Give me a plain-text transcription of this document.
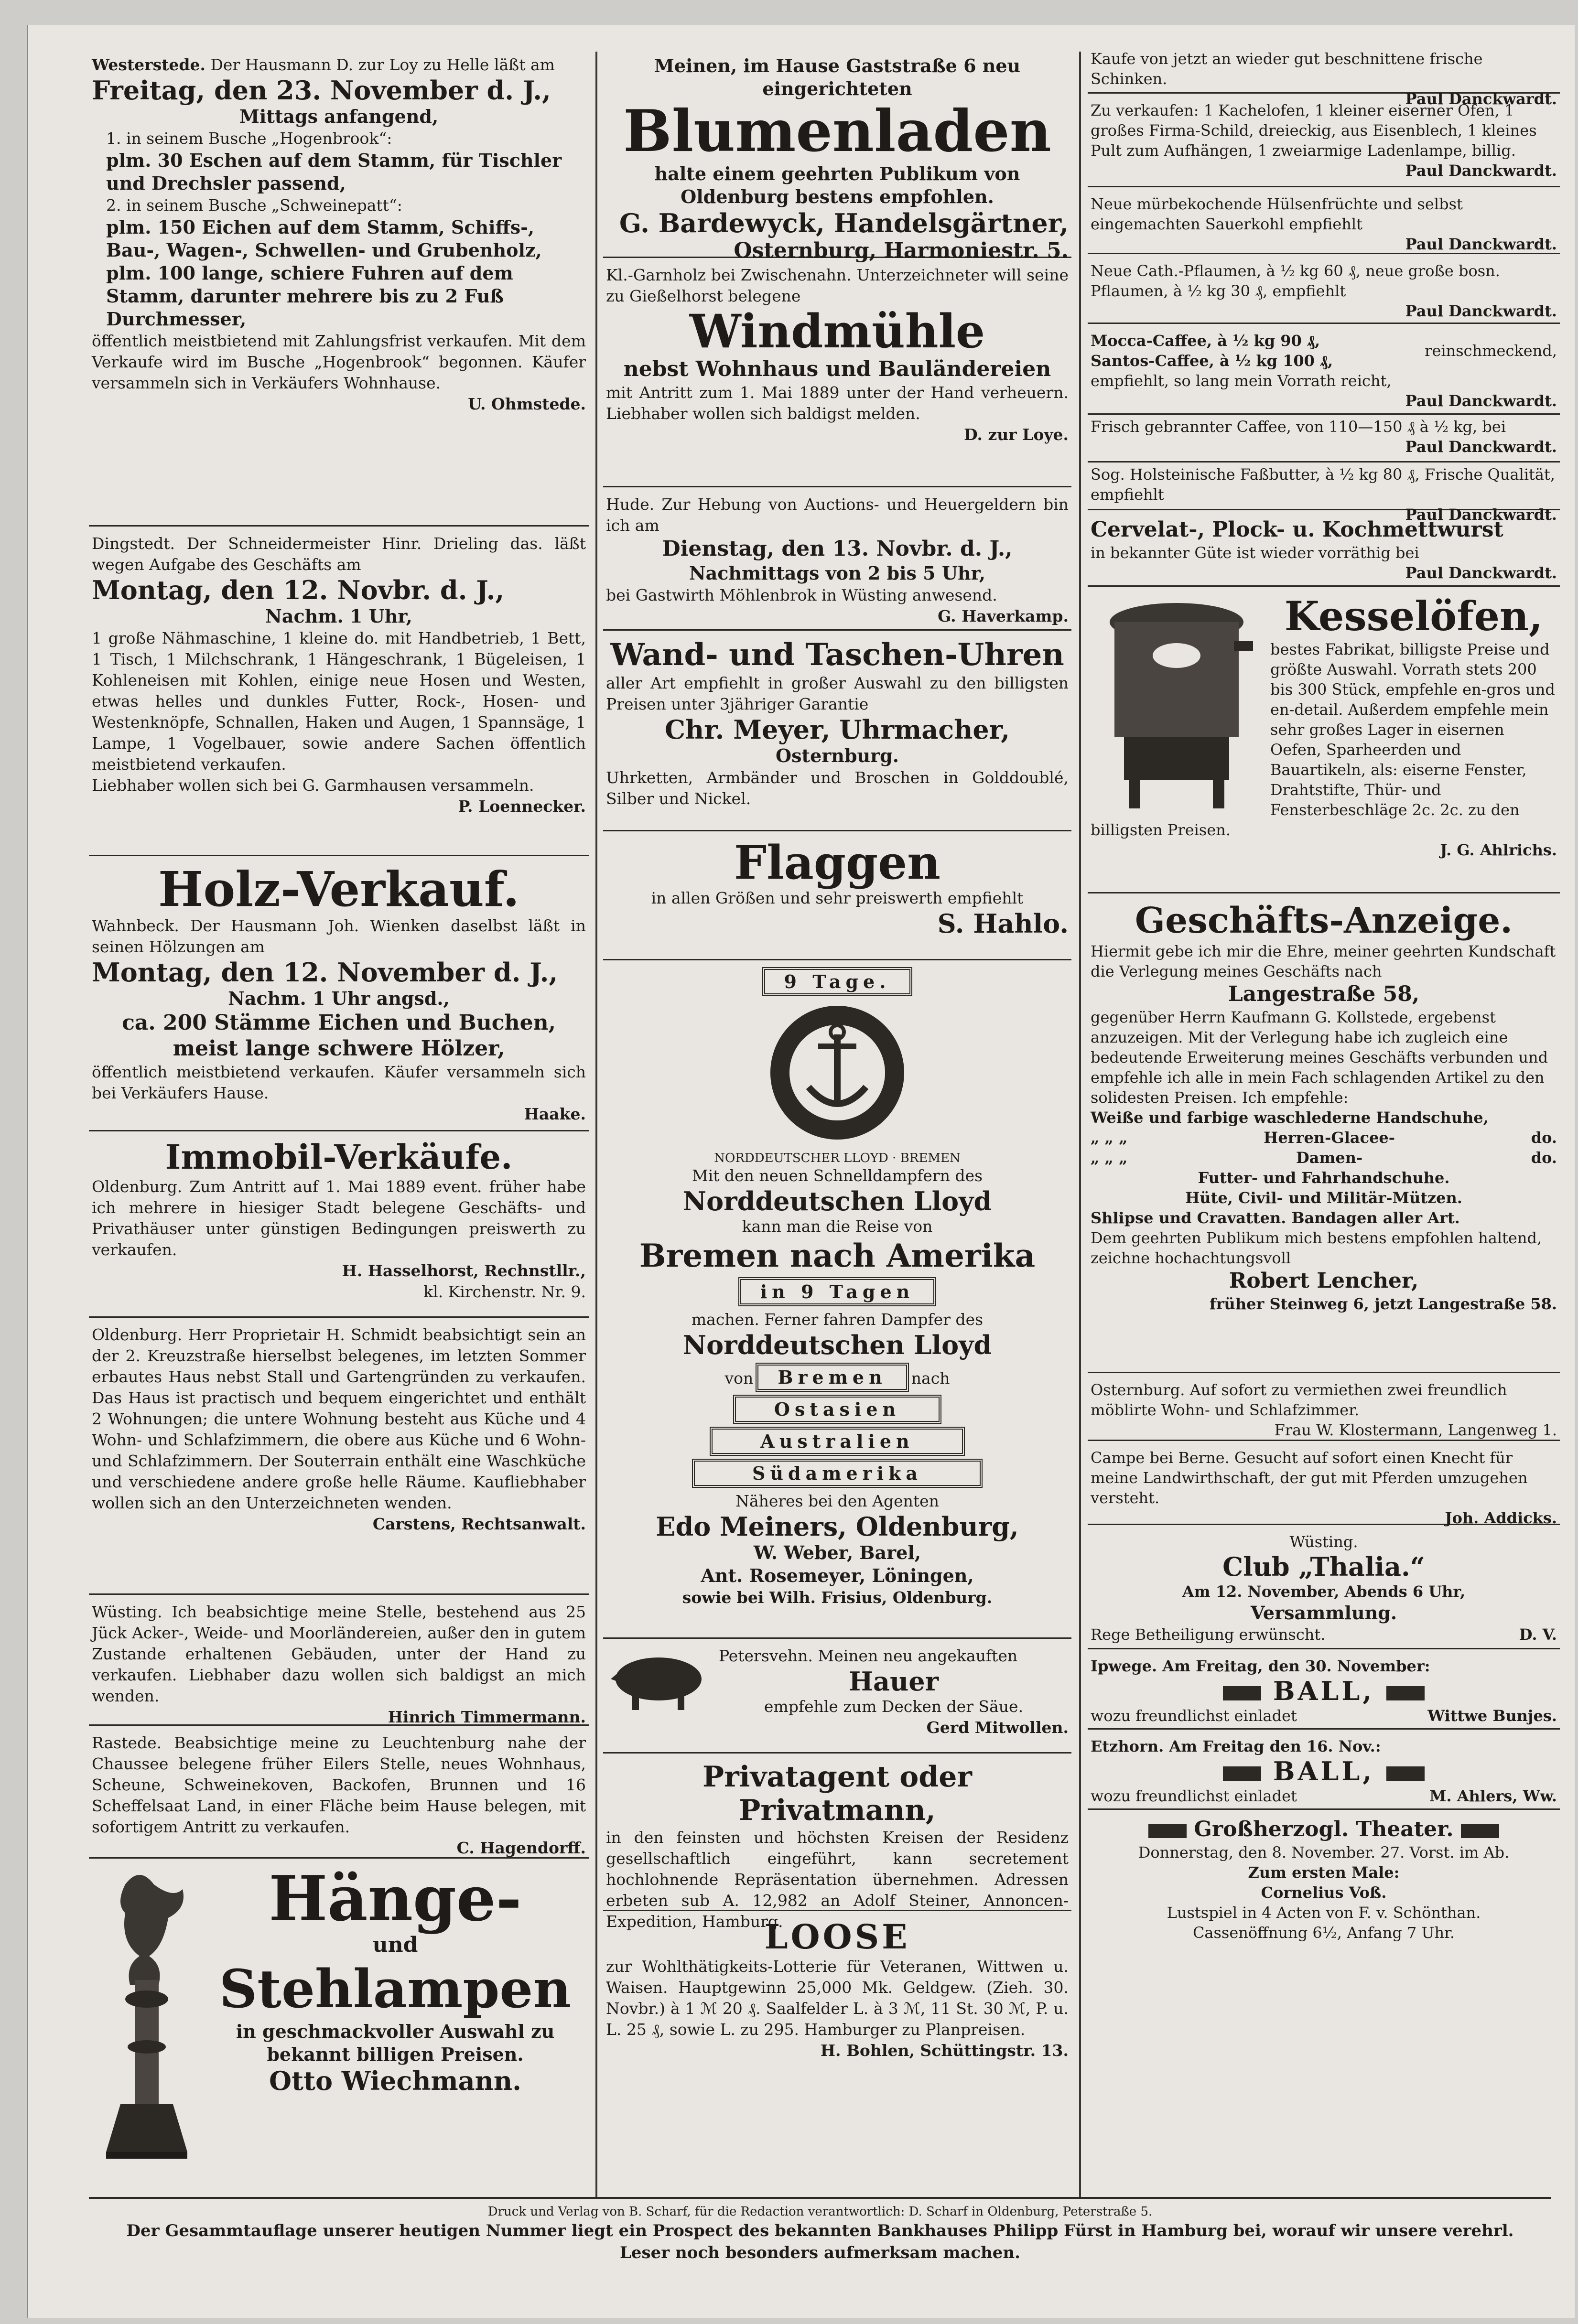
Westerstede. Der Hausmann D. zur Loy zu Helle läßt am

Freitag, den 23. November d. J.,

Mittags anfangend,

1. in seinem Busche „Hogenbrook“:

plm. 30 Eschen auf dem Stamm, für Tischler und Drechsler passend,

2. in seinem Busche „Schweinepatt“:

plm. 150 Eichen auf dem Stamm, Schiffs-, Bau-, Wagen-, Schwellen- und Grubenholz,

plm. 100 lange, schiere Fuhren auf dem Stamm, darunter mehrere bis zu 2 Fuß Durchmesser,

öffentlich meistbietend mit Zahlungsfrist verkaufen. Mit dem Verkaufe wird im Busche „Hogenbrook“ begonnen. Käufer versammeln sich in Verkäufers Wohnhause.

U. Ohmstede.

Dingstedt. Der Schneidermeister Hinr. Drieling das. läßt wegen Aufgabe des Geschäfts am

Montag, den 12. Novbr. d. J.,

Nachm. 1 Uhr,

1 große Nähmaschine, 1 kleine do. mit Handbetrieb, 1 Bett, 1 Tisch, 1 Milchschrank, 1 Hängeschrank, 1 Bügeleisen, 1 Kohleneisen mit Kohlen, einige neue Hosen und Westen, etwas helles und dunkles Futter, Rock-, Hosen- und Westenknöpfe, Schnallen, Haken und Augen, 1 Spannsäge, 1 Lampe, 1 Vogelbauer, sowie andere Sachen öffentlich meistbietend verkaufen.

Liebhaber wollen sich bei G. Garmhausen versammeln.

P. Loennecker.

Holz-Verkauf.

Wahnbeck. Der Hausmann Joh. Wienken daselbst läßt in seinen Hölzungen am

Montag, den 12. November d. J.,

Nachm. 1 Uhr angsd.,

ca. 200 Stämme Eichen und Buchen, meist lange schwere Hölzer,

öffentlich meistbietend verkaufen. Käufer versammeln sich bei Verkäufers Hause.

Haake.

Immobil-Verkäufe.

Oldenburg. Zum Antritt auf 1. Mai 1889 event. früher habe ich mehrere in hiesiger Stadt belegene Geschäfts- und Privathäuser unter günstigen Bedingungen preiswerth zu verkaufen.

H. Hasselhorst, Rechnstllr.,

kl. Kirchenstr. Nr. 9.

Oldenburg. Herr Proprietair H. Schmidt beabsichtigt sein an der 2. Kreuzstraße hierselbst belegenes, im letzten Sommer erbautes Haus nebst Stall und Gartengründen zu verkaufen. Das Haus ist practisch und bequem eingerichtet und enthält 2 Wohnungen; die untere Wohnung besteht aus Küche und 4 Wohn- und Schlafzimmern, die obere aus Küche und 6 Wohn- und Schlafzimmern. Der Souterrain enthält eine Waschküche und verschiedene andere große helle Räume. Kaufliebhaber wollen sich an den Unterzeichneten wenden.

Carstens, Rechtsanwalt.

Wüsting. Ich beabsichtige meine Stelle, bestehend aus 25 Jück Acker-, Weide- und Moorländereien, außer den in gutem Zustande erhaltenen Gebäuden, unter der Hand zu verkaufen. Liebhaber dazu wollen sich baldigst an mich wenden.

Hinrich Timmermann.

Rastede. Beabsichtige meine zu Leuchtenburg nahe der Chaussee belegene früher Eilers Stelle, neues Wohnhaus, Scheune, Schweinekoven, Backofen, Brunnen und 16 Scheffelsaat Land, in einer Fläche beim Hause belegen, mit sofortigem Antritt zu verkaufen.

C. Hagendorff.

Hänge-

und

Stehlampen

in geschmackvoller Auswahl zu bekannt billigen Preisen.

Otto Wiechmann.

Meinen, im Hause Gaststraße 6 neu eingerichteten

Blumenladen

halte einem geehrten Publikum von Oldenburg bestens empfohlen.

G. Bardewyck, Handelsgärtner,

Osternburg, Harmoniestr. 5.

Kl.-Garnholz bei Zwischenahn. Unterzeichneter will seine zu Gießelhorst belegene

Windmühle

nebst Wohnhaus und Bauländereien

mit Antritt zum 1. Mai 1889 unter der Hand verheuern. Liebhaber wollen sich baldigst melden.

D. zur Loye.

Hude. Zur Hebung von Auctions- und Heuergeldern bin ich am

Dienstag, den 13. Novbr. d. J.,

Nachmittags von 2 bis 5 Uhr,

bei Gastwirth Möhlenbrok in Wüsting anwesend.

G. Haverkamp.

Wand- und Taschen-Uhren

aller Art empfiehlt in großer Auswahl zu den billigsten Preisen unter 3jähriger Garantie

Chr. Meyer, Uhrmacher,

Osternburg.

Uhrketten, Armbänder und Broschen in Golddoublé, Silber und Nickel.

Flaggen

in allen Größen und sehr preiswerth empfiehlt

S. Hahlo.

9 Tage.

NORDDEUTSCHER LLOYD · BREMEN

Mit den neuen Schnelldampfern des

Norddeutschen Lloyd

kann man die Reise von

Bremen nach Amerika

in 9 Tagen

machen. Ferner fahren Dampfer des

Norddeutschen Lloyd

von Bremen nach

Ostasien

Australien

Südamerika

Näheres bei den Agenten

Edo Meiners, Oldenburg,

W. Weber, Barel,

Ant. Rosemeyer, Löningen,

sowie bei Wilh. Frisius, Oldenburg.

Petersvehn. Meinen neu angekauften

Hauer

empfehle zum Decken der Säue.

Gerd Mitwollen.

Privatagent oder Privatmann,

in den feinsten und höchsten Kreisen der Residenz gesellschaftlich eingeführt, kann secretement hochlohnende Repräsentation übernehmen. Adressen erbeten sub A. 12,982 an Adolf Steiner, Annoncen-Expedition, Hamburg.

LOOSE

zur Wohlthätigkeits-Lotterie für Veteranen, Wittwen u. Waisen. Hauptgewinn 25,000 Mk. Geldgew. (Zieh. 30. Novbr.) à 1 ℳ 20 ₰. Saalfelder L. à 3 ℳ, 11 St. 30 ℳ, P. u. L. 25 ₰, sowie L. zu 295. Hamburger zu Planpreisen.

H. Bohlen, Schüttingstr. 13.

Kaufe von jetzt an wieder gut beschnittene frische Schinken.

Paul Danckwardt.

Zu verkaufen: 1 Kachelofen, 1 kleiner eiserner Ofen, 1 großes Firma-Schild, dreieckig, aus Eisenblech, 1 kleines Pult zum Aufhängen, 1 zweiarmige Ladenlampe, billig.

Paul Danckwardt.

Neue mürbekochende Hülsenfrüchte und selbst eingemachten Sauerkohl empfiehlt

Paul Danckwardt.

Neue Cath.-Pflaumen, à ½ kg 60 ₰, neue große bosn. Pflaumen, à ½ kg 30 ₰, empfiehlt

Paul Danckwardt.

Mocca-Caffee, à ½ kg 90 ₰,

Santos-Caffee, à ½ kg 100 ₰,

reinschmeckend,

empfiehlt, so lang mein Vorrath reicht,

Paul Danckwardt.

Frisch gebrannter Caffee, von 110—150 ₰ à ½ kg, bei

Paul Danckwardt.

Sog. Holsteinische Faßbutter, à ½ kg 80 ₰, Frische Qualität, empfiehlt

Paul Danckwardt.

Cervelat-, Plock- u. Kochmettwurst

in bekannter Güte ist wieder vorräthig bei

Paul Danckwardt.

Kesselöfen,

bestes Fabrikat, billigste Preise und größte Auswahl. Vorrath stets 200 bis 300 Stück, empfehle en-gros und en-detail. Außerdem empfehle mein sehr großes Lager in eisernen Oefen, Sparheerden und Bauartikeln, als: eiserne Fenster, Drahtstifte, Thür- und Fensterbeschläge 2c. 2c. zu den billigsten Preisen.

J. G. Ahlrichs.

Geschäfts-Anzeige.

Hiermit gebe ich mir die Ehre, meiner geehrten Kundschaft die Verlegung meines Geschäfts nach

Langestraße 58,

gegenüber Herrn Kaufmann G. Kollstede, ergebenst anzuzeigen. Mit der Verlegung habe ich zugleich eine bedeutende Erweiterung meines Geschäfts verbunden und empfehle ich alle in mein Fach schlagenden Artikel zu den solidesten Preisen. Ich empfehle:

Weiße und farbige waschlederne Handschuhe,

„ „ „	Herren-Glacee-	do.
„ „ „	Damen-	do.

Futter- und Fahrhandschuhe.

Hüte, Civil- und Militär-Mützen.

Shlipse und Cravatten. Bandagen aller Art.

Dem geehrten Publikum mich bestens empfohlen haltend, zeichne hochachtungsvoll

Robert Lencher,

früher Steinweg 6, jetzt Langestraße 58.

Osternburg. Auf sofort zu vermiethen zwei freundlich möblirte Wohn- und Schlafzimmer.

Frau W. Klostermann, Langenweg 1.

Campe bei Berne. Gesucht auf sofort einen Knecht für meine Landwirthschaft, der gut mit Pferden umzugehen versteht.

Joh. Addicks.

Wüsting.

Club „Thalia.“

Am 12. November, Abends 6 Uhr,

Versammlung.

Rege Betheiligung erwünscht.	D. V.

Ipwege. Am Freitag, den 30. November:

BALL,

wozu freundlichst einladet	Wittwe Bunjes.

Etzhorn. Am Freitag den 16. Nov.:

BALL,

wozu freundlichst einladet	M. Ahlers, Ww.

Großherzogl. Theater.

Donnerstag, den 8. November. 27. Vorst. im Ab.

Zum ersten Male:

Cornelius Voß.

Lustspiel in 4 Acten von F. v. Schönthan.

Cassenöffnung 6½, Anfang 7 Uhr.

Druck und Verlag von B. Scharf, für die Redaction verantwortlich: D. Scharf in Oldenburg, Peterstraße 5.

Der Gesammtauflage unserer heutigen Nummer liegt ein Prospect des bekannten Bankhauses Philipp Fürst in Hamburg bei, worauf wir unsere verehrl. Leser noch besonders aufmerksam machen.
